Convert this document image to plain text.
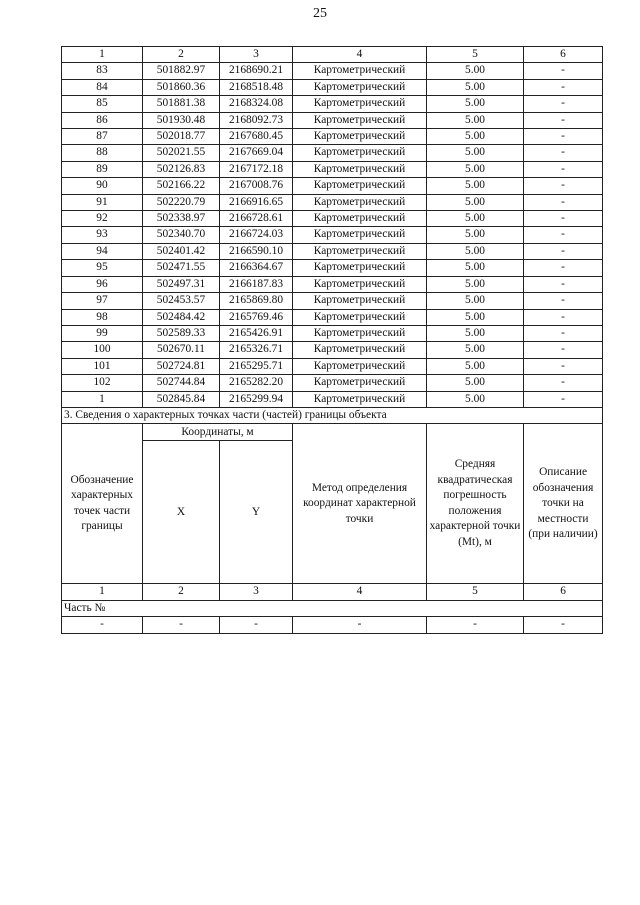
25
1	2	3	4	5	6
83	501882.97	2168690.21	Картометрический	5.00	-
84	501860.36	2168518.48	Картометрический	5.00	-
85	501881.38	2168324.08	Картометрический	5.00	-
86	501930.48	2168092.73	Картометрический	5.00	-
87	502018.77	2167680.45	Картометрический	5.00	-
88	502021.55	2167669.04	Картометрический	5.00	-
89	502126.83	2167172.18	Картометрический	5.00	-
90	502166.22	2167008.76	Картометрический	5.00	-
91	502220.79	2166916.65	Картометрический	5.00	-
92	502338.97	2166728.61	Картометрический	5.00	-
93	502340.70	2166724.03	Картометрический	5.00	-
94	502401.42	2166590.10	Картометрический	5.00	-
95	502471.55	2166364.67	Картометрический	5.00	-
96	502497.31	2166187.83	Картометрический	5.00	-
97	502453.57	2165869.80	Картометрический	5.00	-
98	502484.42	2165769.46	Картометрический	5.00	-
99	502589.33	2165426.91	Картометрический	5.00	-
100	502670.11	2165326.71	Картометрический	5.00	-
101	502724.81	2165295.71	Картометрический	5.00	-
102	502744.84	2165282.20	Картометрический	5.00	-
1	502845.84	2165299.94	Картометрический	5.00	-
3. Сведения о характерных точках части (частей) границы объекта					
Обозначение характерных точек части границы	Координаты, м		Метод определения координат характерной точки	Средняя квадратическая погрешность положения характерной точки (Mt), м	Описание обозначения точки на местности (при наличии)
	X	Y			
1	2	3	4	5	6
Часть №					
-	-	-	-	-	-
